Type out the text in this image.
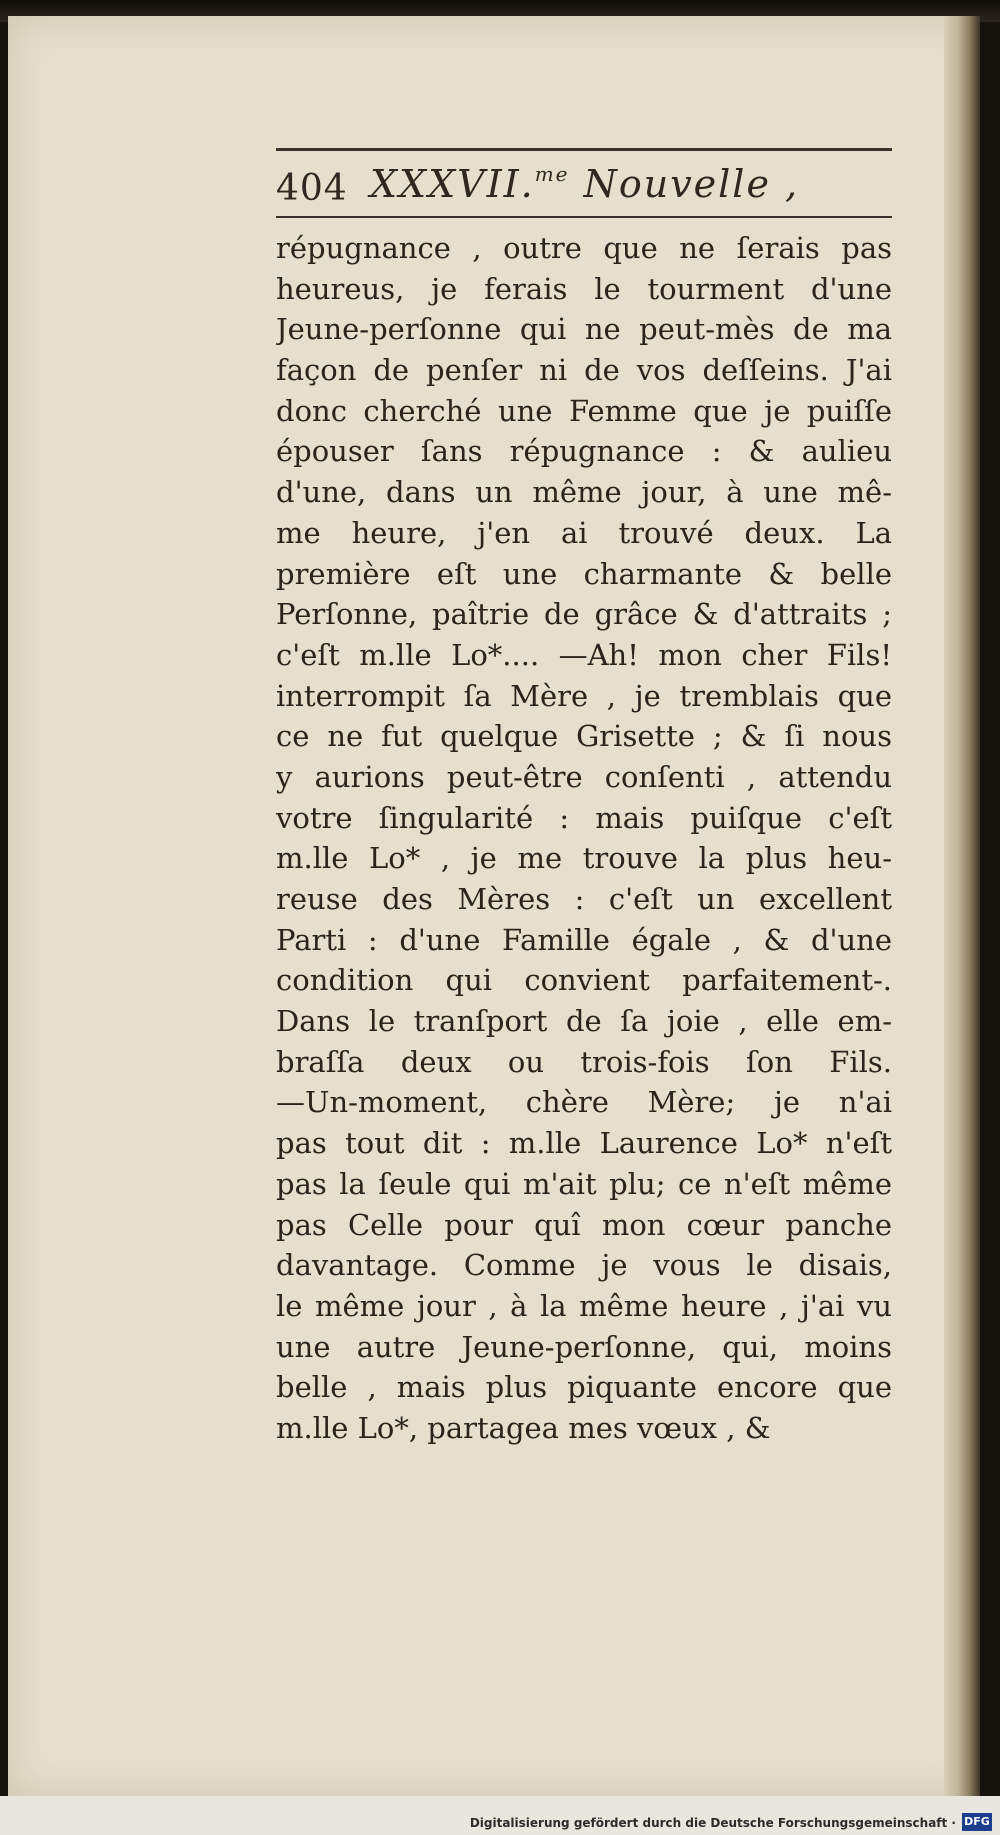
404 XXXVII.$^{me}$ Nouvelle ,
répugnance , outre que ne ſerais pas
heureus, je ferais le tourment d'une
Jeune-perſonne qui ne peut-mès de ma
façon de penſer ni de vos deſſeins. J'ai
donc cherché une Femme que je puiſſe
épouser ſans répugnance : & aulieu
d'une, dans un même jour, à une mê-
me heure, j'en ai trouvé deux. La
première eſt une charmante & belle
Perſonne, paîtrie de grâce & d'attraits ;
c'eſt m.lle Lo*.... —Ah! mon cher Fils!
interrompit ſa Mère , je tremblais que
ce ne fut quelque Grisette ; & ſi nous
y aurions peut-être conſenti , attendu
votre ſingularité : mais puiſque c'eſt
m.lle Lo* , je me trouve la plus heu-
reuse des Mères : c'eſt un excellent
Parti : d'une Famille égale , & d'une
condition qui convient parfaitement-.
Dans le tranſport de ſa joie , elle em-
braſſa deux ou trois-fois ſon Fils.
—Un-moment, chère Mère; je n'ai
pas tout dit : m.lle Laurence Lo* n'eſt
pas la ſeule qui m'ait plu; ce n'eſt même
pas Celle pour quî mon cœur panche
davantage. Comme je vous le disais,
le même jour , à la même heure , j'ai vu
une autre Jeune-perſonne, qui, moins
belle , mais plus piquante encore que
m.lle Lo*, partagea mes vœux , &
Digitalisierung gefördert durch die Deutsche Forschungsgemeinschaft · DFG
